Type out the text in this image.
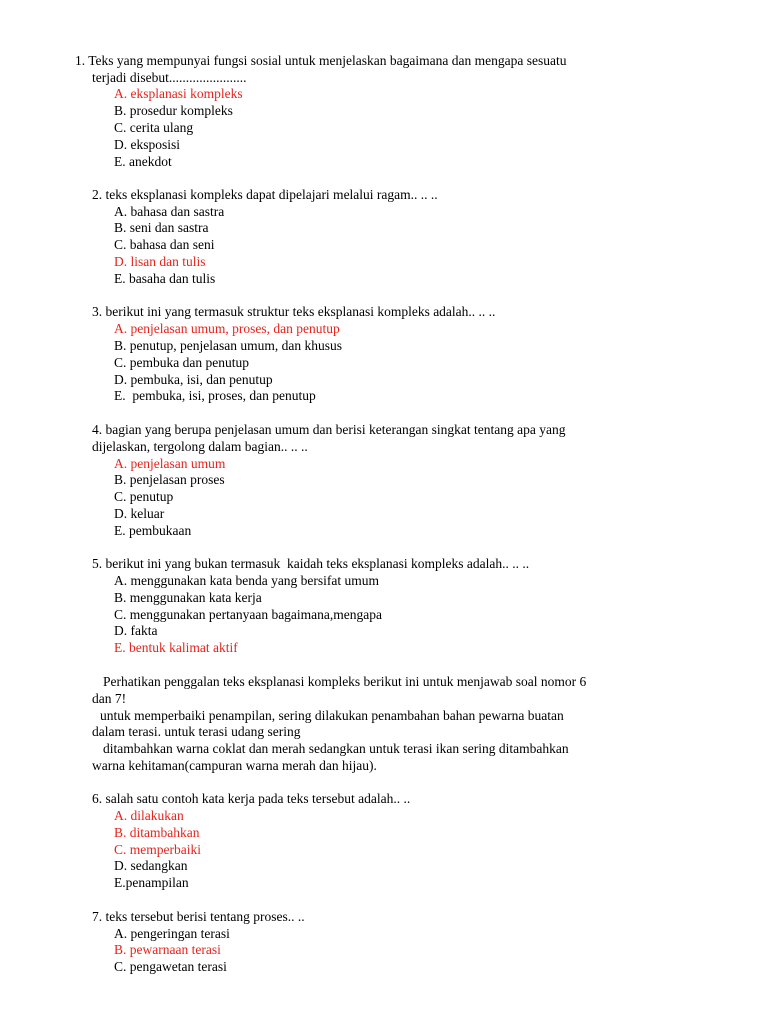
1. Teks yang mempunyai fungsi sosial untuk menjelaskan bagaimana dan mengapa sesuatu
terjadi disebut.......................
A. eksplanasi kompleks
B. prosedur kompleks
C. cerita ulang
D. eksposisi
E. anekdot
2. teks eksplanasi kompleks dapat dipelajari melalui ragam.. .. ..
A. bahasa dan sastra
B. seni dan sastra
C. bahasa dan seni
D. lisan dan tulis
E. basaha dan tulis
3. berikut ini yang termasuk struktur teks eksplanasi kompleks adalah.. .. ..
A. penjelasan umum, proses, dan penutup
B. penutup, penjelasan umum, dan khusus
C. pembuka dan penutup
D. pembuka, isi, dan penutup
E.  pembuka, isi, proses, dan penutup
4. bagian yang berupa penjelasan umum dan berisi keterangan singkat tentang apa yang
dijelaskan, tergolong dalam bagian.. .. ..
A. penjelasan umum
B. penjelasan proses
C. penutup
D. keluar
E. pembukaan
5. berikut ini yang bukan termasuk  kaidah teks eksplanasi kompleks adalah.. .. ..
A. menggunakan kata benda yang bersifat umum
B. menggunakan kata kerja
C. menggunakan pertanyaan bagaimana,mengapa
D. fakta
E. bentuk kalimat aktif
Perhatikan penggalan teks eksplanasi kompleks berikut ini untuk menjawab soal nomor 6
dan 7!
untuk memperbaiki penampilan, sering dilakukan penambahan bahan pewarna buatan
dalam terasi. untuk terasi udang sering
ditambahkan warna coklat dan merah sedangkan untuk terasi ikan sering ditambahkan
warna kehitaman(campuran warna merah dan hijau).
6. salah satu contoh kata kerja pada teks tersebut adalah.. ..
A. dilakukan
B. ditambahkan
C. memperbaiki
D. sedangkan
E.penampilan
7. teks tersebut berisi tentang proses.. ..
A. pengeringan terasi
B. pewarnaan terasi
C. pengawetan terasi
